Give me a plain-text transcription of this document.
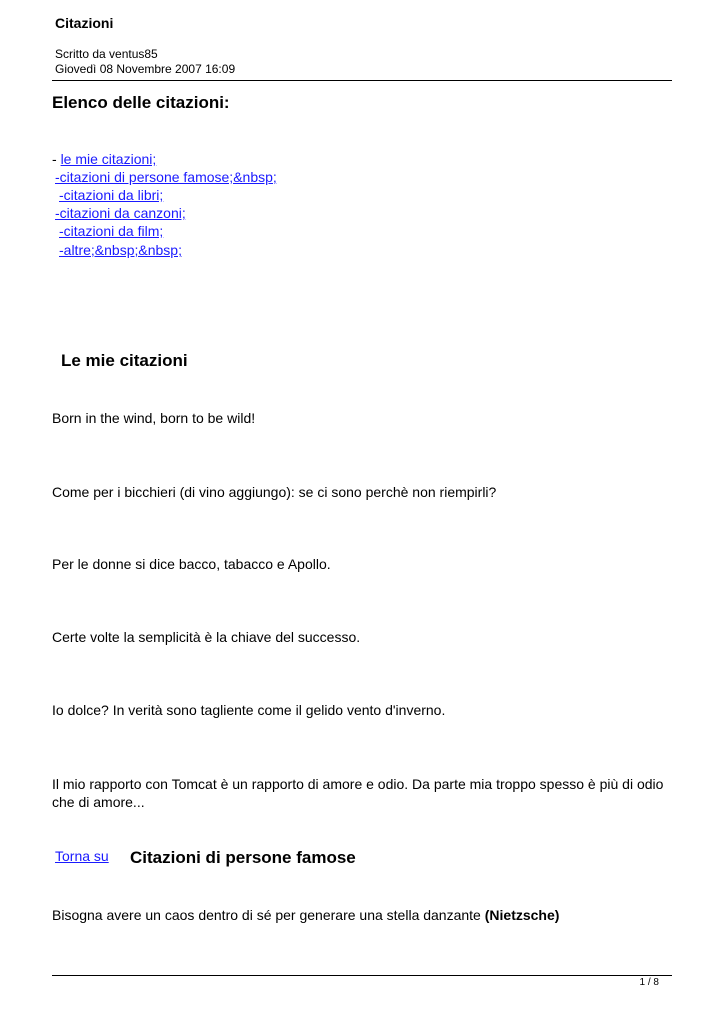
Citazioni
Scritto da ventus85
Giovedì 08 Novembre 2007 16:09
Elenco delle citazioni:
- le mie citazioni;
-citazioni di persone famose;&nbsp;
-citazioni da libri;
-citazioni da canzoni;
-citazioni da film;
-altre;&nbsp;&nbsp;
Le mie citazioni
Born in the wind, born to be wild!
Come per i bicchieri (di vino aggiungo): se ci sono perchè non riempirli?
Per le donne si dice bacco, tabacco e Apollo.
Certe volte la semplicità è la chiave del successo.
Io dolce? In verità sono tagliente come il gelido vento d'inverno.
Il mio rapporto con Tomcat è un rapporto di amore e odio. Da parte mia troppo spesso è più di odio che di amore...
Torna su Citazioni di persone famose
Bisogna avere un caos dentro di sé per generare una stella danzante (Nietzsche)
1 / 8
